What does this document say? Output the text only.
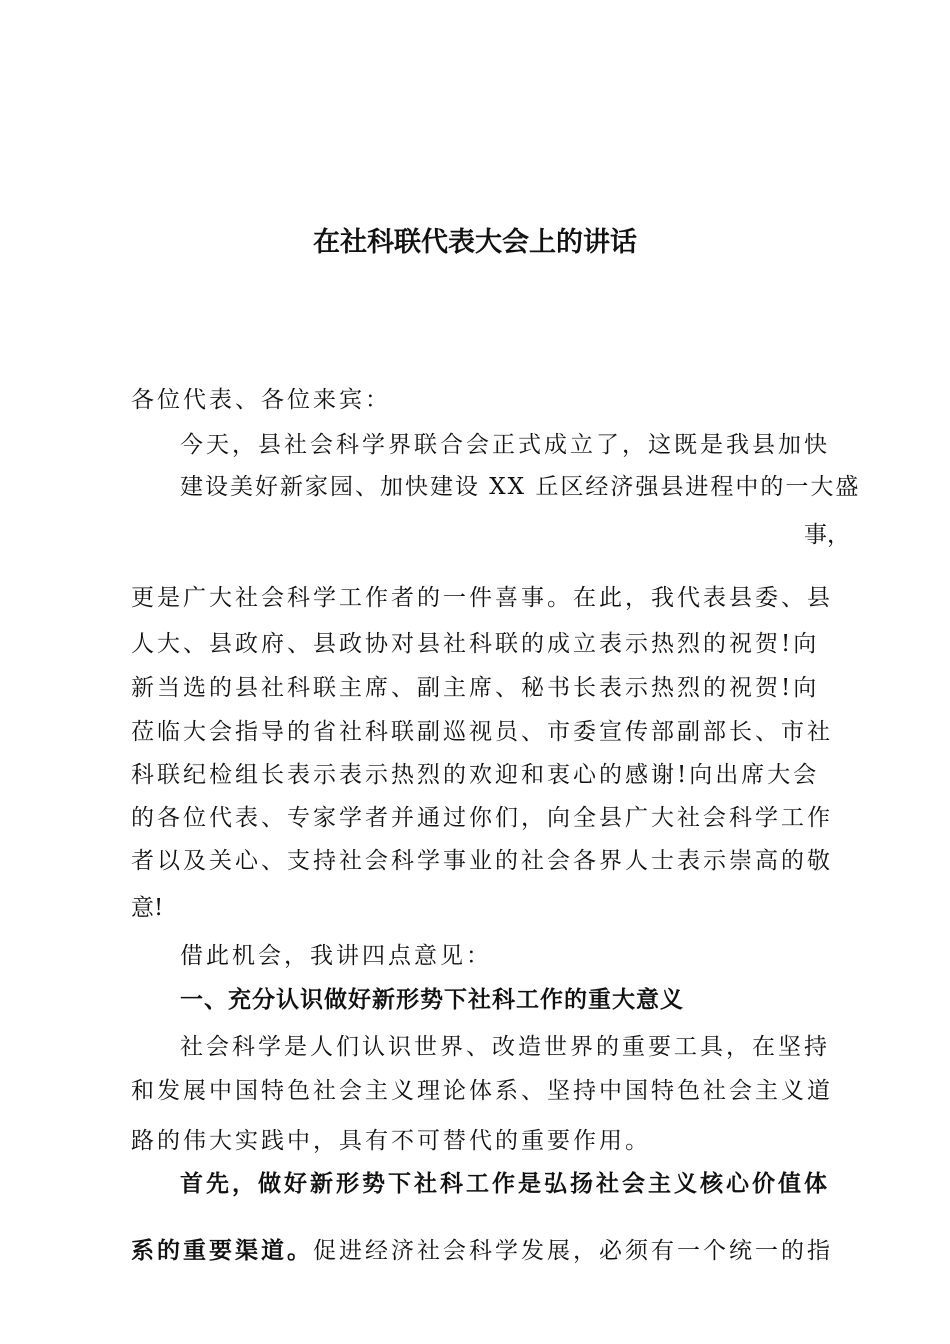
在社科联代表大会上的讲话
各位代表、各位来宾：
今天，县社会科学界联合会正式成立了，这既是我县加快
建设美好新家园、加快建设 XX 丘区经济强县进程中的一大盛
事，
更是广大社会科学工作者的一件喜事。在此，我代表县委、县
人大、县政府、县政协对县社科联的成立表示热烈的祝贺!向
新当选的县社科联主席、副主席、秘书长表示热烈的祝贺!向
莅临大会指导的省社科联副巡视员、市委宣传部副部长、市社
科联纪检组长表示表示热烈的欢迎和衷心的感谢!向出席大会
的各位代表、专家学者并通过你们，向全县广大社会科学工作
者以及关心、支持社会科学事业的社会各界人士表示崇高的敬
意!
借此机会，我讲四点意见：
一、充分认识做好新形势下社科工作的重大意义
社会科学是人们认识世界、改造世界的重要工具，在坚持
和发展中国特色社会主义理论体系、坚持中国特色社会主义道
路的伟大实践中，具有不可替代的重要作用。
首先，做好新形势下社科工作是弘扬社会主义核心价值体
系的重要渠道。促进经济社会科学发展，必须有一个统一的指
